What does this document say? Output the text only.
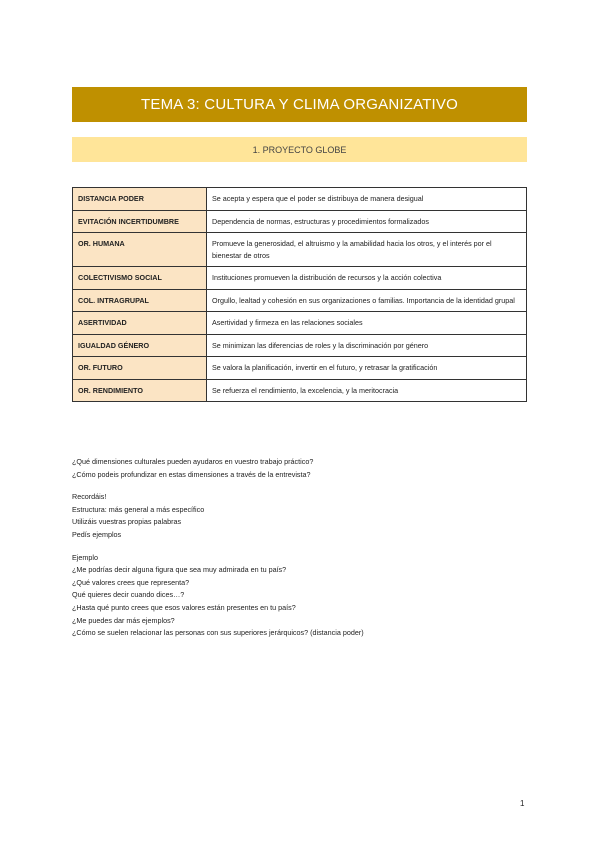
TEMA 3: CULTURA Y CLIMA ORGANIZATIVO
1. PROYECTO GLOBE
DISTANCIA PODER	Se acepta y espera que el poder se distribuya de manera desigual
EVITACIÓN INCERTIDUMBRE	Dependencia de normas, estructuras y procedimientos formalizados
OR. HUMANA	Promueve la generosidad, el altruismo y la amabilidad hacia los otros, y el interés por el bienestar de otros
COLECTIVISMO SOCIAL	Instituciones promueven la distribución de recursos y la acción colectiva
COL. INTRAGRUPAL	Orgullo, lealtad y cohesión en sus organizaciones o familias. Importancia de la identidad grupal
ASERTIVIDAD	Asertividad y firmeza en las relaciones sociales
IGUALDAD GÉNERO	Se minimizan las diferencias de roles y la discriminación por género
OR. FUTURO	Se valora la planificación, invertir en el futuro, y retrasar la gratificación
OR. RENDIMIENTO	Se refuerza el rendimiento, la excelencia, y la meritocracia
¿Qué dimensiones culturales pueden ayudaros en vuestro trabajo práctico?
¿Cómo podeis profundizar en estas dimensiones a través de la entrevista?
Recordáis!
Estructura: más general a más específico
Utilizáis vuestras propias palabras
Pedís ejemplos
Ejemplo
¿Me podrías decir alguna figura que sea muy admirada en tu país?
¿Qué valores crees que representa?
Qué quieres decir cuando dices…?
¿Hasta qué punto crees que esos valores están presentes en tu país?
¿Me puedes dar más ejemplos?
¿Cómo se suelen relacionar las personas con sus superiores jerárquicos? (distancia poder)
1
